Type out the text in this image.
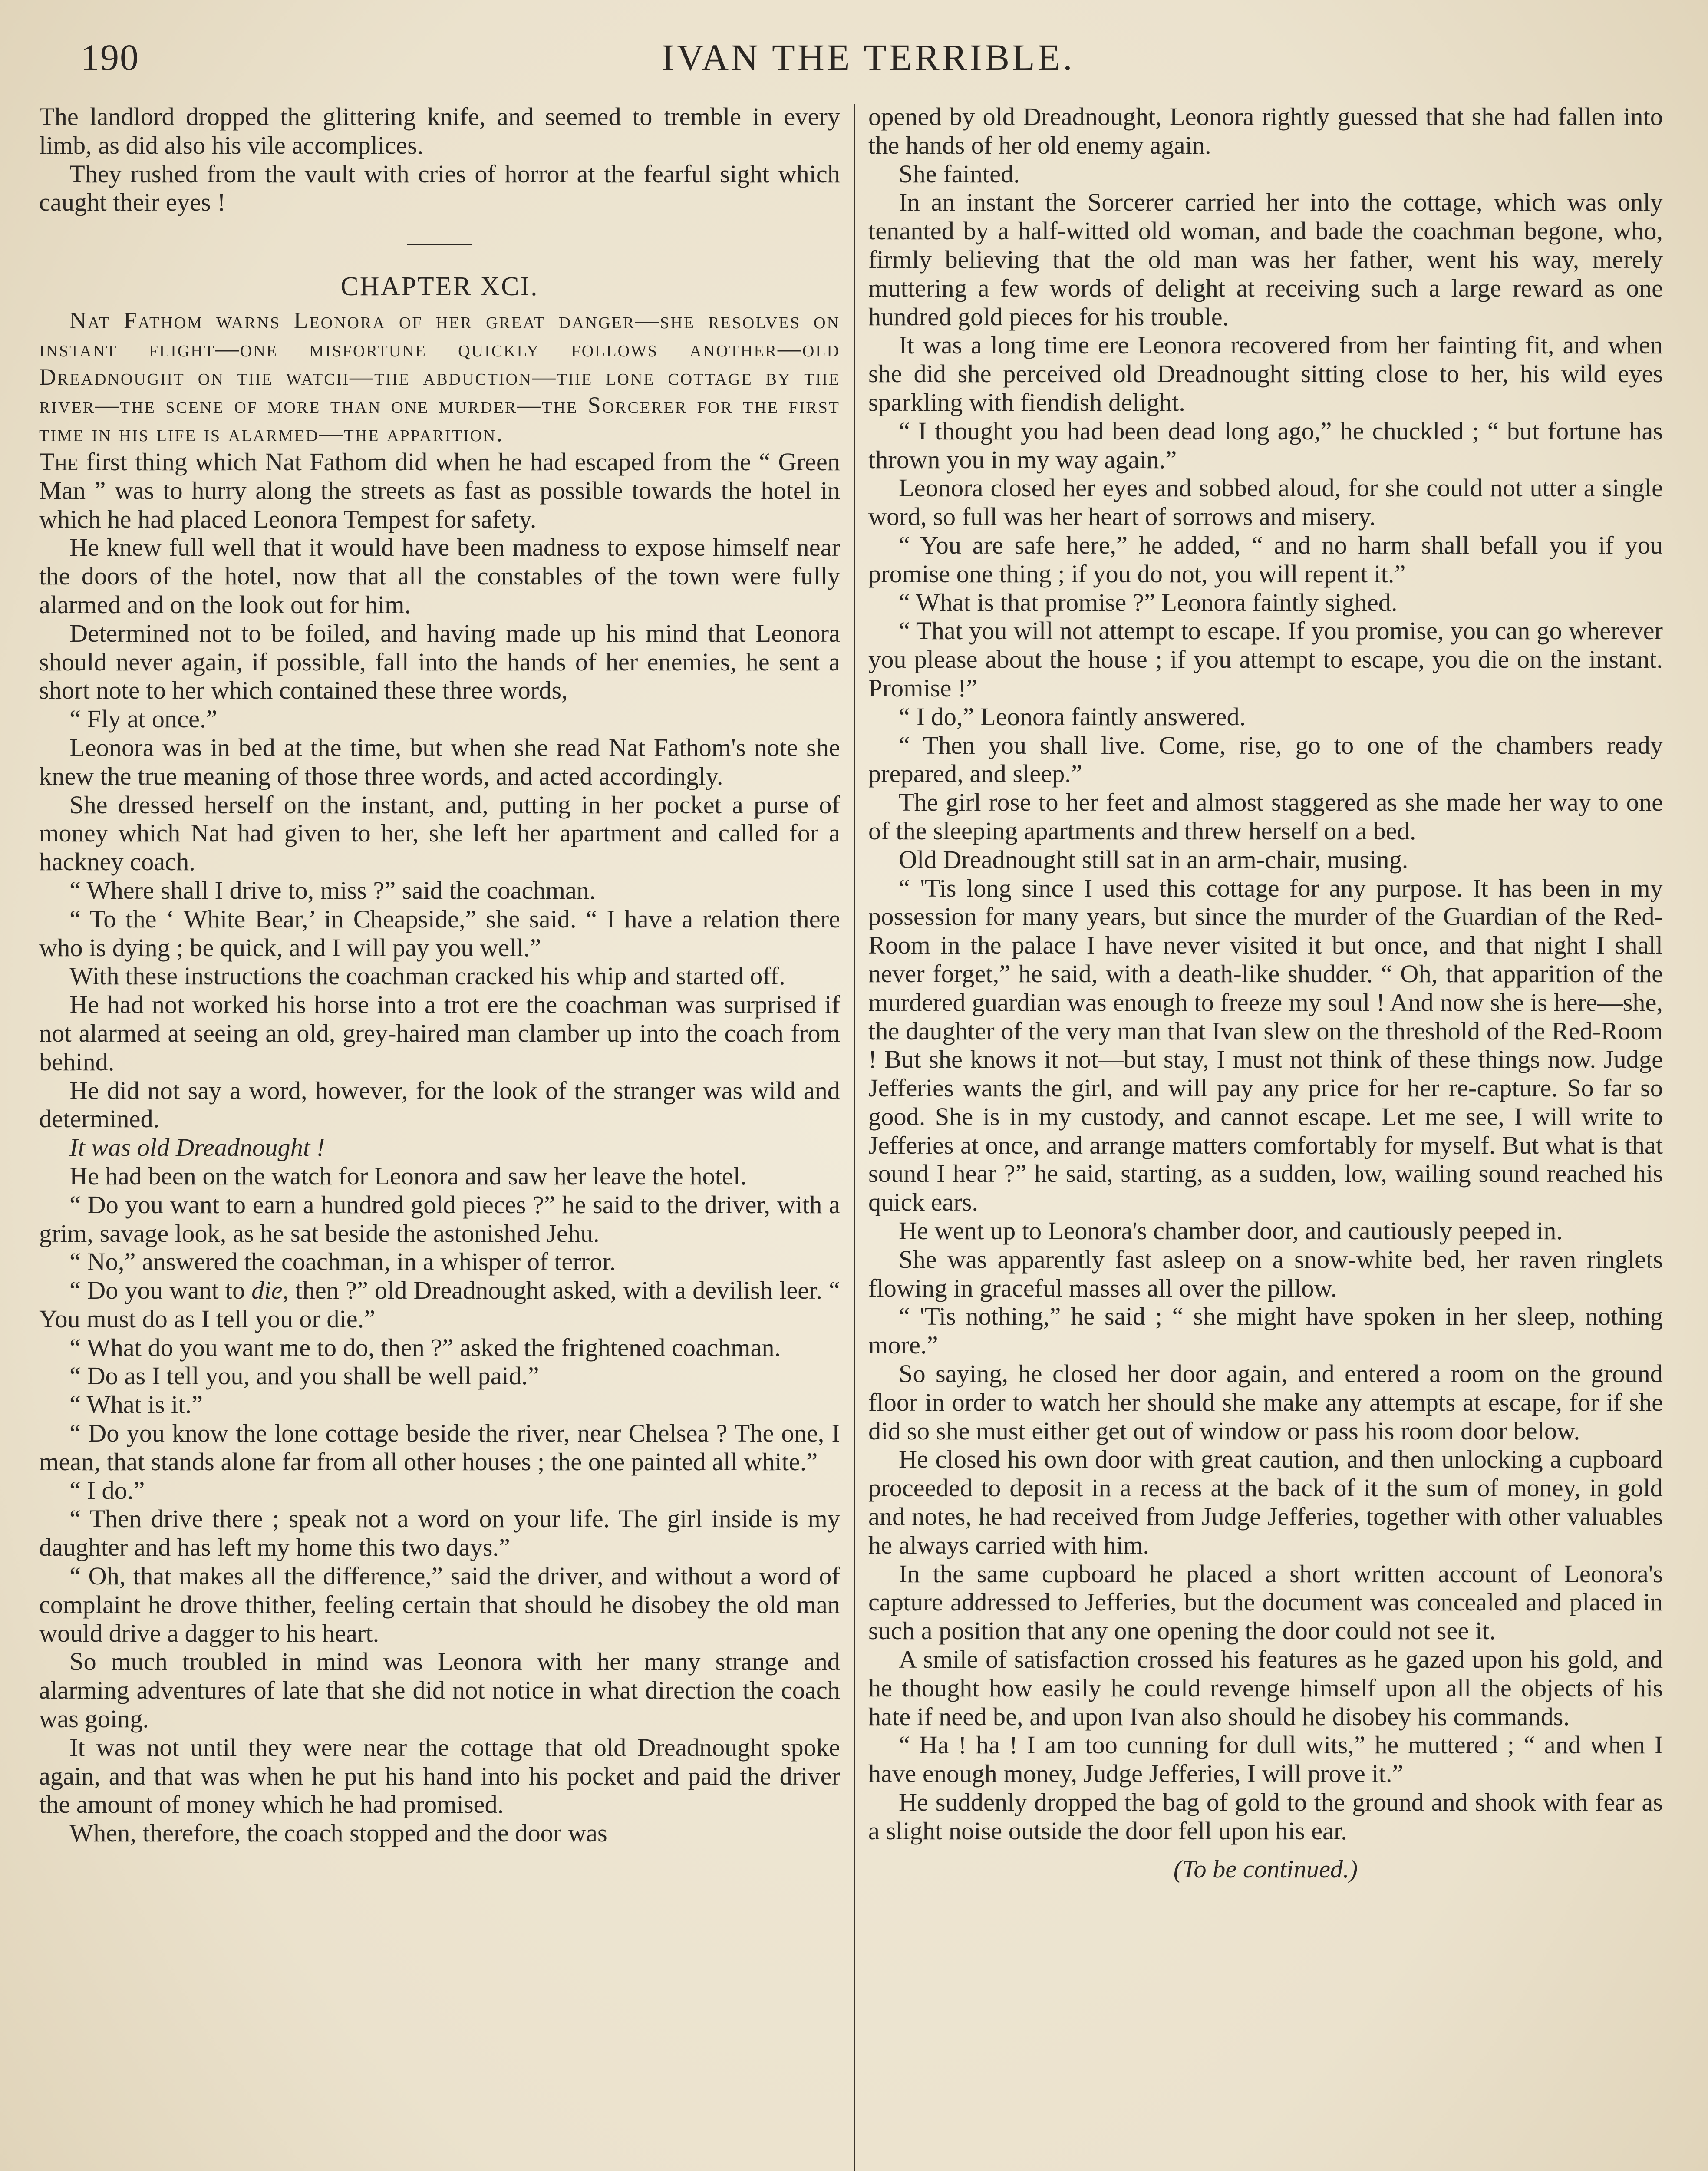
190	IVAN THE TERRIBLE.

The landlord dropped the glittering knife, and seemed to tremble in every limb, as did also his vile accomplices.

They rushed from the vault with cries of horror at the fearful sight which caught their eyes !

CHAPTER XCI.

Nat Fathom warns Leonora of her great danger—she resolves on instant flight—one misfortune quickly follows another—old Dreadnought on the watch—the abduction—the lone cottage by the river—the scene of more than one murder—the Sorcerer for the first time in his life is alarmed—the apparition.

The first thing which Nat Fathom did when he had escaped from the “ Green Man ” was to hurry along the streets as fast as possible towards the hotel in which he had placed Leonora Tempest for safety.

He knew full well that it would have been madness to expose himself near the doors of the hotel, now that all the constables of the town were fully alarmed and on the look out for him.

Determined not to be foiled, and having made up his mind that Leonora should never again, if possible, fall into the hands of her enemies, he sent a short note to her which contained these three words,

“ Fly at once.”

Leonora was in bed at the time, but when she read Nat Fathom's note she knew the true meaning of those three words, and acted accordingly.

She dressed herself on the instant, and, putting in her pocket a purse of money which Nat had given to her, she left her apartment and called for a hackney coach.

“ Where shall I drive to, miss ?” said the coachman.

“ To the ‘ White Bear,’ in Cheapside,” she said. “ I have a relation there who is dying ; be quick, and I will pay you well.”

With these instructions the coachman cracked his whip and started off.

He had not worked his horse into a trot ere the coachman was surprised if not alarmed at seeing an old, grey-haired man clamber up into the coach from behind.

He did not say a word, however, for the look of the stranger was wild and determined.

It was old Dreadnought !

He had been on the watch for Leonora and saw her leave the hotel.

“ Do you want to earn a hundred gold pieces ?” he said to the driver, with a grim, savage look, as he sat beside the astonished Jehu.

“ No,” answered the coachman, in a whisper of terror.

“ Do you want to die, then ?” old Dreadnought asked, with a devilish leer. “ You must do as I tell you or die.”

“ What do you want me to do, then ?” asked the frightened coachman.

“ Do as I tell you, and you shall be well paid.”

“ What is it.”

“ Do you know the lone cottage beside the river, near Chelsea ? The one, I mean, that stands alone far from all other houses ; the one painted all white.”

“ I do.”

“ Then drive there ; speak not a word on your life. The girl inside is my daughter and has left my home this two days.”

“ Oh, that makes all the difference,” said the driver, and without a word of complaint he drove thither, feeling certain that should he disobey the old man would drive a dagger to his heart.

So much troubled in mind was Leonora with her many strange and alarming adventures of late that she did not notice in what direction the coach was going.

It was not until they were near the cottage that old Dreadnought spoke again, and that was when he put his hand into his pocket and paid the driver the amount of money which he had promised.

When, therefore, the coach stopped and the door was

opened by old Dreadnought, Leonora rightly guessed that she had fallen into the hands of her old enemy again.

She fainted.

In an instant the Sorcerer carried her into the cottage, which was only tenanted by a half-witted old woman, and bade the coachman begone, who, firmly believing that the old man was her father, went his way, merely muttering a few words of delight at receiving such a large reward as one hundred gold pieces for his trouble.

It was a long time ere Leonora recovered from her fainting fit, and when she did she perceived old Dreadnought sitting close to her, his wild eyes sparkling with fiendish delight.

“ I thought you had been dead long ago,” he chuckled ; “ but fortune has thrown you in my way again.”

Leonora closed her eyes and sobbed aloud, for she could not utter a single word, so full was her heart of sorrows and misery.

“ You are safe here,” he added, “ and no harm shall befall you if you promise one thing ; if you do not, you will repent it.”

“ What is that promise ?” Leonora faintly sighed.

“ That you will not attempt to escape. If you promise, you can go wherever you please about the house ; if you attempt to escape, you die on the instant. Promise !”

“ I do,” Leonora faintly answered.

“ Then you shall live. Come, rise, go to one of the chambers ready prepared, and sleep.”

The girl rose to her feet and almost staggered as she made her way to one of the sleeping apartments and threw herself on a bed.

Old Dreadnought still sat in an arm-chair, musing.

“ 'Tis long since I used this cottage for any purpose. It has been in my possession for many years, but since the murder of the Guardian of the Red-Room in the palace I have never visited it but once, and that night I shall never forget,” he said, with a death-like shudder. “ Oh, that apparition of the murdered guardian was enough to freeze my soul ! And now she is here—she, the daughter of the very man that Ivan slew on the threshold of the Red-Room ! But she knows it not—but stay, I must not think of these things now. Judge Jefferies wants the girl, and will pay any price for her re-capture. So far so good. She is in my custody, and cannot escape. Let me see, I will write to Jefferies at once, and arrange matters comfortably for myself. But what is that sound I hear ?” he said, starting, as a sudden, low, wailing sound reached his quick ears.

He went up to Leonora's chamber door, and cautiously peeped in.

She was apparently fast asleep on a snow-white bed, her raven ringlets flowing in graceful masses all over the pillow.

“ 'Tis nothing,” he said ; “ she might have spoken in her sleep, nothing more.”

So saying, he closed her door again, and entered a room on the ground floor in order to watch her should she make any attempts at escape, for if she did so she must either get out of window or pass his room door below.

He closed his own door with great caution, and then unlocking a cupboard proceeded to deposit in a recess at the back of it the sum of money, in gold and notes, he had received from Judge Jefferies, together with other valuables he always carried with him.

In the same cupboard he placed a short written account of Leonora's capture addressed to Jefferies, but the document was concealed and placed in such a position that any one opening the door could not see it.

A smile of satisfaction crossed his features as he gazed upon his gold, and he thought how easily he could revenge himself upon all the objects of his hate if need be, and upon Ivan also should he disobey his commands.

“ Ha ! ha ! I am too cunning for dull wits,” he muttered ; “ and when I have enough money, Judge Jefferies, I will prove it.”

He suddenly dropped the bag of gold to the ground and shook with fear as a slight noise outside the door fell upon his ear.

(To be continued.)
